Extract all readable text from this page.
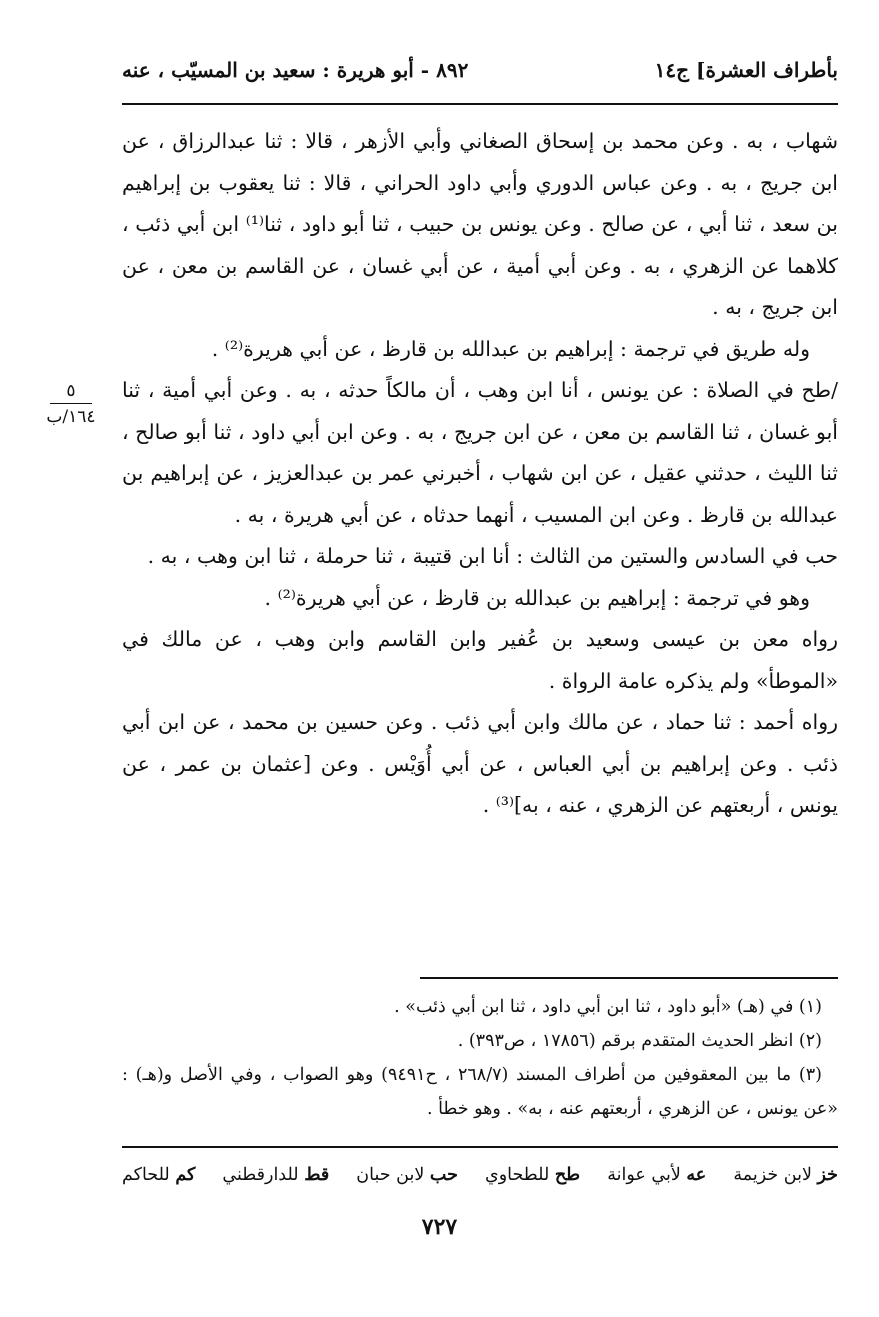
بأطراف العشرة] ج١٤
٨٩٢ - أبو هريرة : سعيد بن المسيّب ، عنه

شهاب ، به . وعن محمد بن إسحاق الصغاني وأبي الأزهر ، قالا : ثنا عبدالرزاق ، عن ابن جريج ، به . وعن عباس الدوري وأبي داود الحراني ، قالا : ثنا يعقوب بن إبراهيم بن سعد ، ثنا أبي ، عن صالح . وعن يونس بن حبيب ، ثنا أبو داود ، ثنا⁽¹⁾ ابن أبي ذئب ، كلاهما عن الزهري ، به . وعن أبي أمية ، عن أبي غسان ، عن القاسم بن معن ، عن ابن جريج ، به .

وله طريق في ترجمة : إبراهيم بن عبدالله بن قارظ ، عن أبي هريرة⁽²⁾ .

/طح في الصلاة : عن يونس ، أنا ابن وهب ، أن مالكاً حدثه ، به . وعن أبي أمية ، ثنا أبو غسان ، ثنا القاسم بن معن ، عن ابن جريج ، به . وعن ابن أبي داود ، ثنا أبو صالح ، ثنا الليث ، حدثني عقيل ، عن ابن شهاب ، أخبرني عمر بن عبدالعزيز ، عن إبراهيم بن عبدالله بن قارظ . وعن ابن المسيب ، أنهما حدثاه ، عن أبي هريرة ، به .

حب في السادس والستين من الثالث : أنا ابن قتيبة ، ثنا حرملة ، ثنا ابن وهب ، به .

وهو في ترجمة : إبراهيم بن عبدالله بن قارظ ، عن أبي هريرة⁽²⁾ .

رواه معن بن عيسى وسعيد بن عُفير وابن القاسم وابن وهب ، عن مالك في «الموطأ» ولم يذكره عامة الرواة .

رواه أحمد : ثنا حماد ، عن مالك وابن أبي ذئب . وعن حسين بن محمد ، عن ابن أبي ذئب . وعن إبراهيم بن أبي العباس ، عن أبي أُوَيْس . وعن [عثمان بن عمر ، عن يونس ، أربعتهم عن الزهري ، عنه ، به]⁽³⁾ .

٥
١٦٤/ب

(١) في (هـ) «أبو داود ، ثنا ابن أبي داود ، ثنا ابن أبي ذئب» .

(٢) انظر الحديث المتقدم برقم (١٧٨٥٦ ، ص٣٩٣) .

(٣) ما بين المعقوفين من أطراف المسند (٢٦٨/٧ ، ح٩٤٩١) وهو الصواب ، وفي الأصل و(هـ) : «عن يونس ، عن الزهري ، أربعتهم عنه ، به» . وهو خطأ .

خز لابن خزيمة
عه لأبي عوانة
طح للطحاوي
حب لابن حبان
قط للدارقطني
كم للحاكم
٧٢٧
